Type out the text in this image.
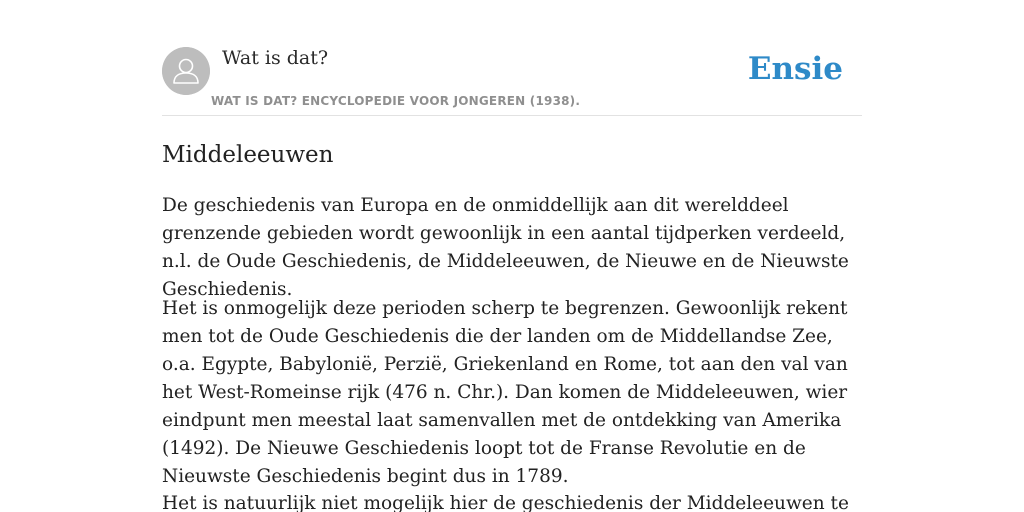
Wat is dat?
WAT IS DAT? ENCYCLOPEDIE VOOR JONGEREN (1938).
Ensie
Middeleeuwen

De geschiedenis van Europa en de onmiddellijk aan dit werelddeel grenzende gebieden wordt gewoonlijk in een aantal tijdperken verdeeld, n.l. de Oude Geschiedenis, de Middeleeuwen, de Nieuwe en de Nieuwste Geschiedenis.

Het is onmogelijk deze perioden scherp te begrenzen. Gewoonlijk rekent men tot de Oude Geschiedenis die der landen om de Middellandse Zee, o.a. Egypte, Babylonië, Perzië, Griekenland en Rome, tot aan den val van het West-Romeinse rijk (476 n. Chr.). Dan komen de Middeleeuwen, wier eindpunt men meestal laat samenvallen met de ontdekking van Amerika (1492). De Nieuwe Geschiedenis loopt tot de Franse Revolutie en de Nieuwste Geschiedenis begint dus in 1789.

Het is natuurlijk niet mogelijk hier de geschiedenis der Middeleeuwen te
